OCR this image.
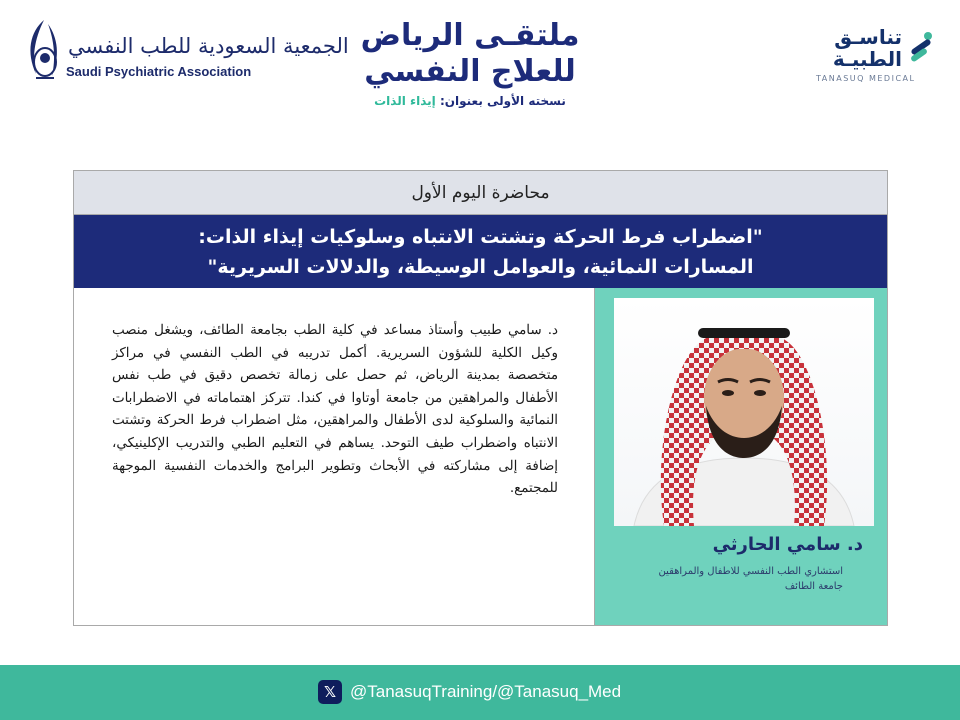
الجمعية السعودية للطب النفسي
Saudi Psychiatric Association
ملتقـى الرياض
للعلاج النفسي
نسخته الأولى بعنوان: إيذاء الذات
تناسـق
الطبيـة
TANASUQ MEDICAL
محاضرة اليوم الأول
"اضطراب فرط الحركة وتشتت الانتباه وسلوكيات إيذاء الذات:
المسارات النمائية، والعوامل الوسيطة، والدلالات السريرية"
د. سامي طبيب وأستاذ مساعد في كلية الطب بجامعة الطائف، ويشغل منصب وكيل الكلية للشؤون السريرية. أكمل تدريبه في الطب النفسي في مراكز متخصصة بمدينة الرياض، ثم حصل على زمالة تخصص دقيق في طب نفس الأطفال والمراهقين من جامعة أوتاوا في كندا. تتركز اهتماماته في الاضطرابات النمائية والسلوكية لدى الأطفال والمراهقين، مثل اضطراب فرط الحركة وتشتت الانتباه واضطراب طيف التوحد. يساهم في التعليم الطبي والتدريب الإكلينيكي، إضافة إلى مشاركته في الأبحاث وتطوير البرامج والخدمات النفسية الموجهة للمجتمع.
د. سامي الحارثي
استشاري الطب النفسي للاطفال والمراهقين
جامعة الطائف
𝕏 @TanasuqTraining/@Tanasuq_Med
